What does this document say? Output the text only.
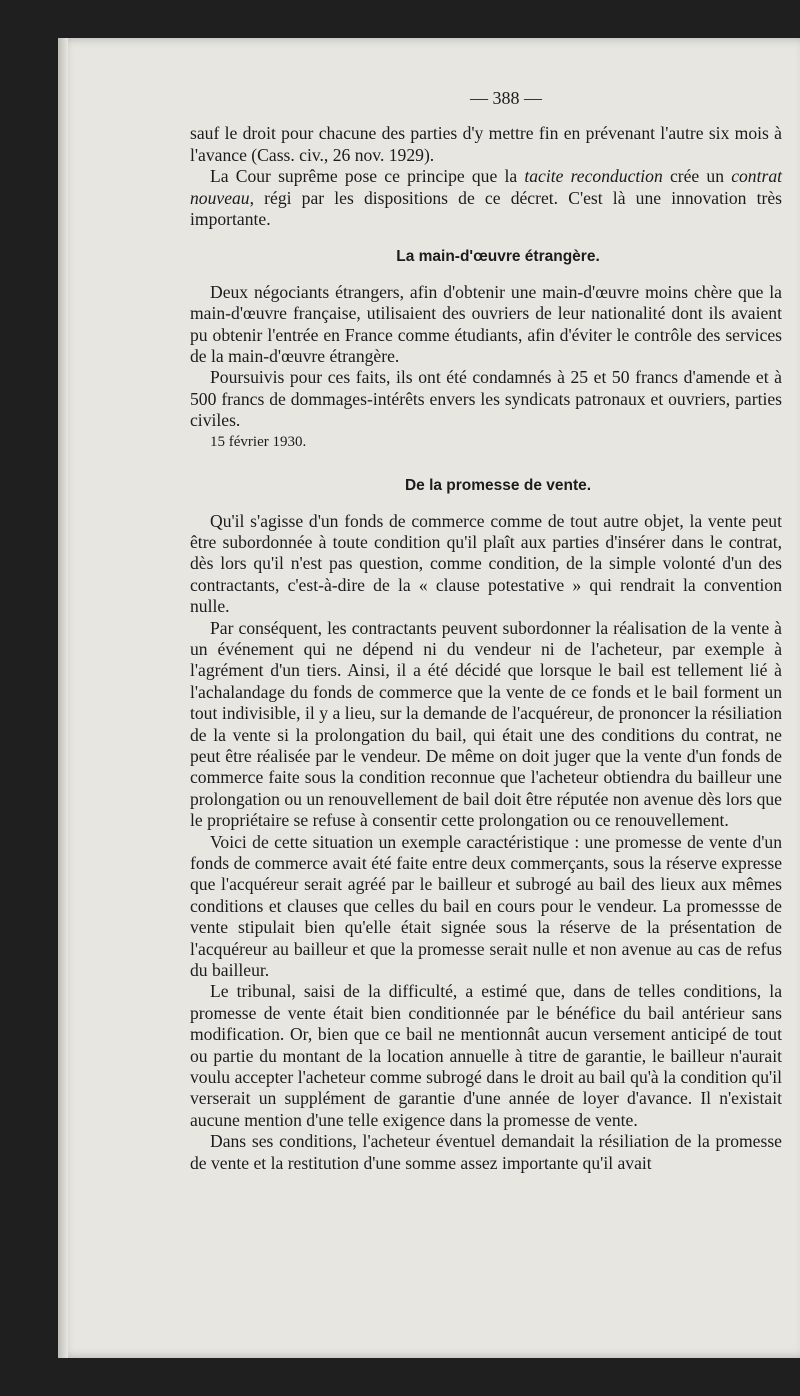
— 388 —

sauf le droit pour chacune des parties d'y mettre fin en prévenant l'autre six mois à l'avance (Cass. civ., 26 nov. 1929).

La Cour suprême pose ce principe que la tacite reconduction crée un contrat nouveau, régi par les dispositions de ce décret. C'est là une innovation très importante.

La main-d'œuvre étrangère.

Deux négociants étrangers, afin d'obtenir une main-d'œuvre moins chère que la main-d'œuvre française, utilisaient des ouvriers de leur nationalité dont ils avaient pu obtenir l'entrée en France comme étudiants, afin d'éviter le contrôle des services de la main-d'œuvre étrangère.

Poursuivis pour ces faits, ils ont été condamnés à 25 et 50 francs d'amende et à 500 francs de dommages-intérêts envers les syndicats patronaux et ouvriers, parties civiles.

15 février 1930.

De la promesse de vente.

Qu'il s'agisse d'un fonds de commerce comme de tout autre objet, la vente peut être subordonnée à toute condition qu'il plaît aux parties d'insérer dans le contrat, dès lors qu'il n'est pas question, comme condition, de la simple volonté d'un des contractants, c'est-à-dire de la « clause potestative » qui rendrait la convention nulle.

Par conséquent, les contractants peuvent subordonner la réalisation de la vente à un événement qui ne dépend ni du vendeur ni de l'acheteur, par exemple à l'agrément d'un tiers. Ainsi, il a été décidé que lorsque le bail est tellement lié à l'achalandage du fonds de commerce que la vente de ce fonds et le bail forment un tout indivisible, il y a lieu, sur la demande de l'acquéreur, de prononcer la résiliation de la vente si la prolongation du bail, qui était une des conditions du contrat, ne peut être réalisée par le vendeur. De même on doit juger que la vente d'un fonds de commerce faite sous la condition reconnue que l'acheteur obtiendra du bailleur une prolongation ou un renouvellement de bail doit être réputée non avenue dès lors que le propriétaire se refuse à consentir cette prolongation ou ce renouvellement.

Voici de cette situation un exemple caractéristique : une promesse de vente d'un fonds de commerce avait été faite entre deux commerçants, sous la réserve expresse que l'acquéreur serait agréé par le bailleur et subrogé au bail des lieux aux mêmes conditions et clauses que celles du bail en cours pour le vendeur. La promessse de vente stipulait bien qu'elle était signée sous la réserve de la présentation de l'acquéreur au bailleur et que la promesse serait nulle et non avenue au cas de refus du bailleur.

Le tribunal, saisi de la difficulté, a estimé que, dans de telles conditions, la promesse de vente était bien conditionnée par le bénéfice du bail antérieur sans modification. Or, bien que ce bail ne mentionnât aucun versement anticipé de tout ou partie du montant de la location annuelle à titre de garantie, le bailleur n'aurait voulu accepter l'acheteur comme subrogé dans le droit au bail qu'à la condition qu'il verserait un supplément de garantie d'une année de loyer d'avance. Il n'existait aucune mention d'une telle exigence dans la promesse de vente.

Dans ses conditions, l'acheteur éventuel demandait la résiliation de la promesse de vente et la restitution d'une somme assez importante qu'il avait
